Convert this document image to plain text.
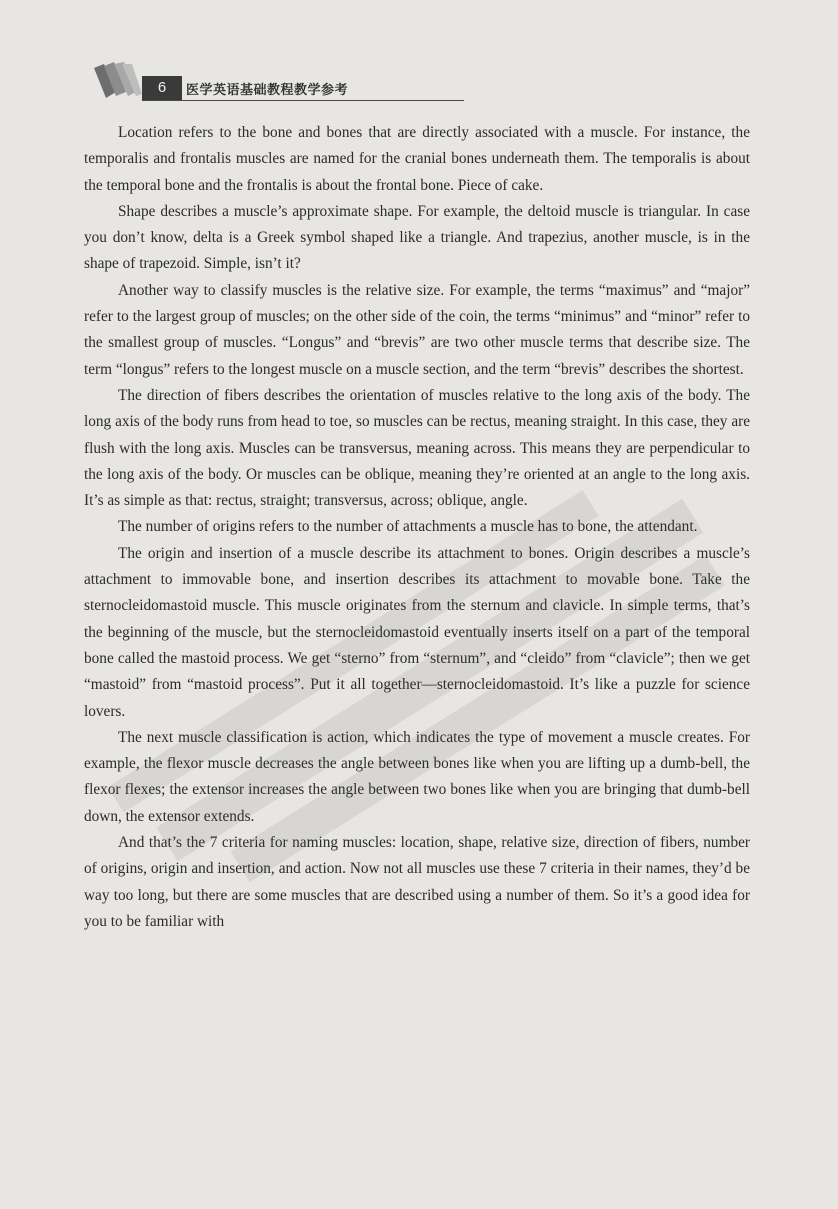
6	医学英语基础教程教学参考

Location refers to the bone and bones that are directly associated with a muscle. For instance, the temporalis and frontalis muscles are named for the cranial bones underneath them. The temporalis is about the temporal bone and the frontalis is about the frontal bone. Piece of cake.

Shape describes a muscle’s approximate shape. For example, the deltoid muscle is triangular. In case you don’t know, delta is a Greek symbol shaped like a triangle. And trapezius, another muscle, is in the shape of trapezoid. Simple, isn’t it?

Another way to classify muscles is the relative size. For example, the terms “maximus” and “major” refer to the largest group of muscles; on the other side of the coin, the terms “minimus” and “minor” refer to the smallest group of muscles. “Longus” and “brevis” are two other muscle terms that describe size. The term “longus” refers to the longest muscle on a muscle section, and the term “brevis” describes the shortest.

The direction of fibers describes the orientation of muscles relative to the long axis of the body. The long axis of the body runs from head to toe, so muscles can be rectus, meaning straight. In this case, they are flush with the long axis. Muscles can be transversus, meaning across. This means they are perpendicular to the long axis of the body. Or muscles can be oblique, meaning they’re oriented at an angle to the long axis. It’s as simple as that: rectus, straight; transversus, across; oblique, angle.

The number of origins refers to the number of attachments a muscle has to bone, the attendant.

The origin and insertion of a muscle describe its attachment to bones. Origin describes a muscle’s attachment to immovable bone, and insertion describes its attachment to movable bone. Take the sternocleidomastoid muscle. This muscle originates from the sternum and clavicle. In simple terms, that’s the beginning of the muscle, but the sternocleidomastoid eventually inserts itself on a part of the temporal bone called the mastoid process. We get “sterno” from “sternum”, and “cleido” from “clavicle”; then we get “mastoid” from “mastoid process”. Put it all together—sternocleidomastoid. It’s like a puzzle for science lovers.

The next muscle classification is action, which indicates the type of movement a muscle creates. For example, the flexor muscle decreases the angle between bones like when you are lifting up a dumb-bell, the flexor flexes; the extensor increases the angle between two bones like when you are bringing that dumb-bell down, the extensor extends.

And that’s the 7 criteria for naming muscles: location, shape, relative size, direction of fibers, number of origins, origin and insertion, and action. Now not all muscles use these 7 criteria in their names, they’d be way too long, but there are some muscles that are described using a number of them. So it’s a good idea for you to be familiar with
